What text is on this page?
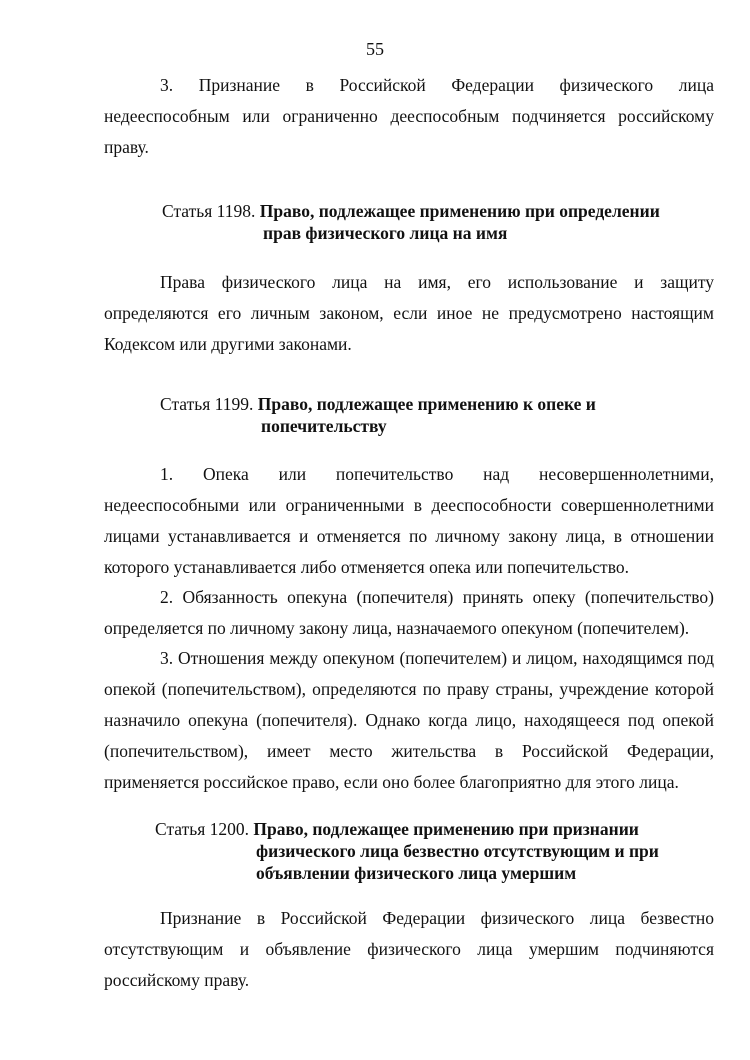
55

3. Признание в Российской Федерации физического лица недееспособным или ограниченно дееспособным подчиняется российскому праву.

Статья 1198. Право, подлежащее применению при определении
прав физического лица на имя

Права физического лица на имя, его использование и защиту определяются его личным законом, если иное не предусмотрено настоящим Кодексом или другими законами.

Статья 1199. Право, подлежащее применению к опеке и
попечительству

1. Опека или попечительство над несовершеннолетними, недееспособными или ограниченными в дееспособности совершеннолетними лицами устанавливается и отменяется по личному закону лица, в отношении которого устанавливается либо отменяется опека или попечительство.

2. Обязанность опекуна (попечителя) принять опеку (попечительство) определяется по личному закону лица, назначаемого опекуном (попечителем).

3. Отношения между опекуном (попечителем) и лицом, находящимся под опекой (попечительством), определяются по праву страны, учреждение которой назначило опекуна (попечителя). Однако когда лицо, находящееся под опекой (попечительством), имеет место жительства в Российской Федерации, применяется российское право, если оно более благоприятно для этого лица.

Статья 1200. Право, подлежащее применению при признании
физического лица безвестно отсутствующим и при
объявлении физического лица умершим

Признание в Российской Федерации физического лица безвестно отсутствующим и объявление физического лица умершим подчиняются российскому праву.
